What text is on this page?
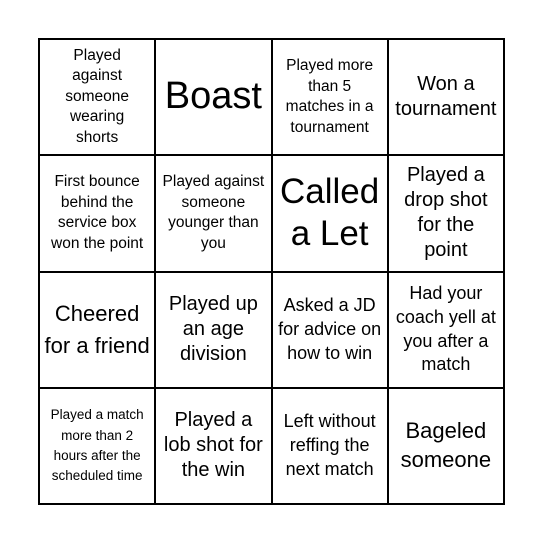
Played against someone wearing shorts
Boast
Played more than 5 matches in a tournament
Won a tournament
First bounce behind the service box won the point
Played against someone younger than you
Called a Let
Played a drop shot for the point
Cheered for a friend
Played up an age division
Asked a JD for advice on how to win
Had your coach yell at you after a match
Played a match more than 2 hours after the scheduled time
Played a lob shot for the win
Left without reffing the next match
Bageled someone
